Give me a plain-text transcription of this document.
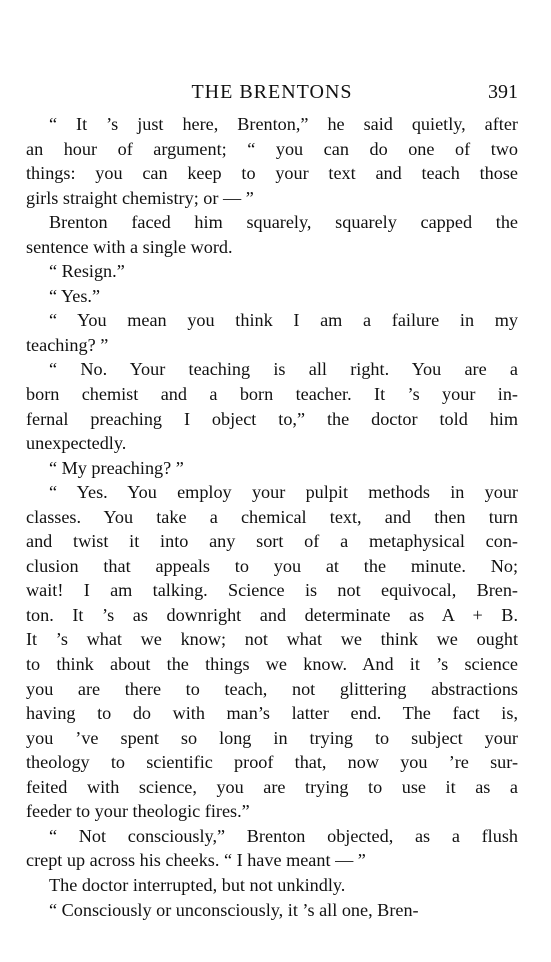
THE BRENTONS	391
“ It ’s just here, Brenton,” he said quietly, after
an hour of argument; “ you can do one of two
things: you can keep to your text and teach those
girls straight chemistry; or — ”
Brenton faced him squarely, squarely capped the
sentence with a single word.
“ Resign.”
“ Yes.”
“ You mean you think I am a failure in my
teaching? ”
“ No. Your teaching is all right. You are a
born chemist and a born teacher. It ’s your in-
fernal preaching I object to,” the doctor told him
unexpectedly.
“ My preaching? ”
“ Yes. You employ your pulpit methods in your
classes. You take a chemical text, and then turn
and twist it into any sort of a metaphysical con-
clusion that appeals to you at the minute. No;
wait! I am talking. Science is not equivocal, Bren-
ton. It ’s as downright and determinate as A + B.
It ’s what we know; not what we think we ought
to think about the things we know. And it ’s science
you are there to teach, not glittering abstractions
having to do with man’s latter end. The fact is,
you ’ve spent so long in trying to subject your
theology to scientific proof that, now you ’re sur-
feited with science, you are trying to use it as a
feeder to your theologic fires.”
“ Not consciously,” Brenton objected, as a flush
crept up across his cheeks. “ I have meant — ”
The doctor interrupted, but not unkindly.
“ Consciously or unconsciously, it ’s all one, Bren-
